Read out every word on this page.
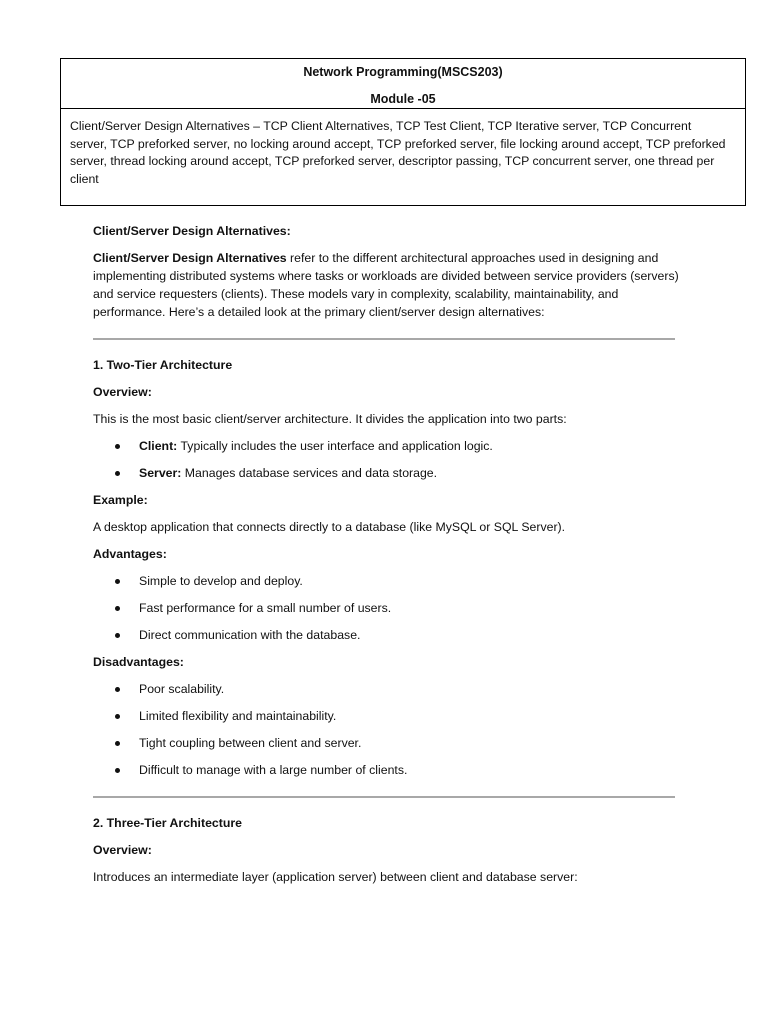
Network Programming(MSCS203)
Module -05
Client/Server Design Alternatives – TCP Client Alternatives, TCP Test Client, TCP Iterative server, TCP Concurrent server, TCP preforked server, no locking around accept, TCP preforked server, file locking around accept, TCP preforked server, thread locking around accept, TCP preforked server, descriptor passing, TCP concurrent server, one thread per client

Client/Server Design Alternatives:

Client/Server Design Alternatives refer to the different architectural approaches used in designing and implementing distributed systems where tasks or workloads are divided between service providers (servers) and service requesters (clients). These models vary in complexity, scalability, maintainability, and performance. Here’s a detailed look at the primary client/server design alternatives:

1. Two-Tier Architecture

Overview:

This is the most basic client/server architecture. It divides the application into two parts:

Client: Typically includes the user interface and application logic.
Server: Manages database services and data storage.

Example:

A desktop application that connects directly to a database (like MySQL or SQL Server).

Advantages:

Simple to develop and deploy.
Fast performance for a small number of users.
Direct communication with the database.

Disadvantages:

Poor scalability.
Limited flexibility and maintainability.
Tight coupling between client and server.
Difficult to manage with a large number of clients.

2. Three-Tier Architecture

Overview:

Introduces an intermediate layer (application server) between client and database server:
